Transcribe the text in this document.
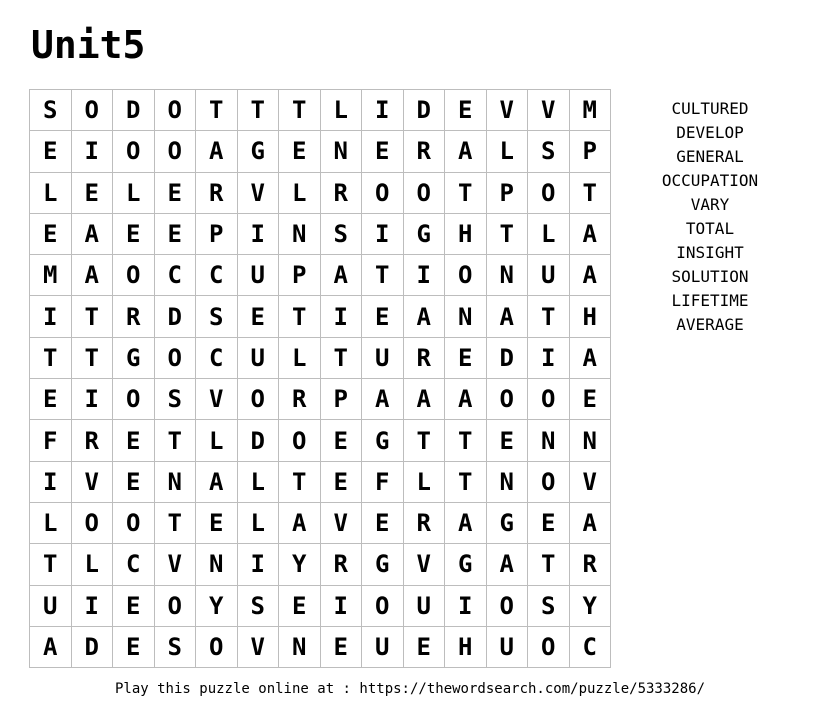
Unit5
S	O	D	O	T	T	T	L	I	D	E	V	V	M
E	I	O	O	A	G	E	N	E	R	A	L	S	P
L	E	L	E	R	V	L	R	O	O	T	P	O	T
E	A	E	E	P	I	N	S	I	G	H	T	L	A
M	A	O	C	C	U	P	A	T	I	O	N	U	A
I	T	R	D	S	E	T	I	E	A	N	A	T	H
T	T	G	O	C	U	L	T	U	R	E	D	I	A
E	I	O	S	V	O	R	P	A	A	A	O	O	E
F	R	E	T	L	D	O	E	G	T	T	E	N	N
I	V	E	N	A	L	T	E	F	L	T	N	O	V
L	O	O	T	E	L	A	V	E	R	A	G	E	A
T	L	C	V	N	I	Y	R	G	V	G	A	T	R
U	I	E	O	Y	S	E	I	O	U	I	O	S	Y
A	D	E	S	O	V	N	E	U	E	H	U	O	C
CULTURED
DEVELOP
GENERAL
OCCUPATION
VARY
TOTAL
INSIGHT
SOLUTION
LIFETIME
AVERAGE
Play this puzzle online at : https://thewordsearch.com/puzzle/5333286/
